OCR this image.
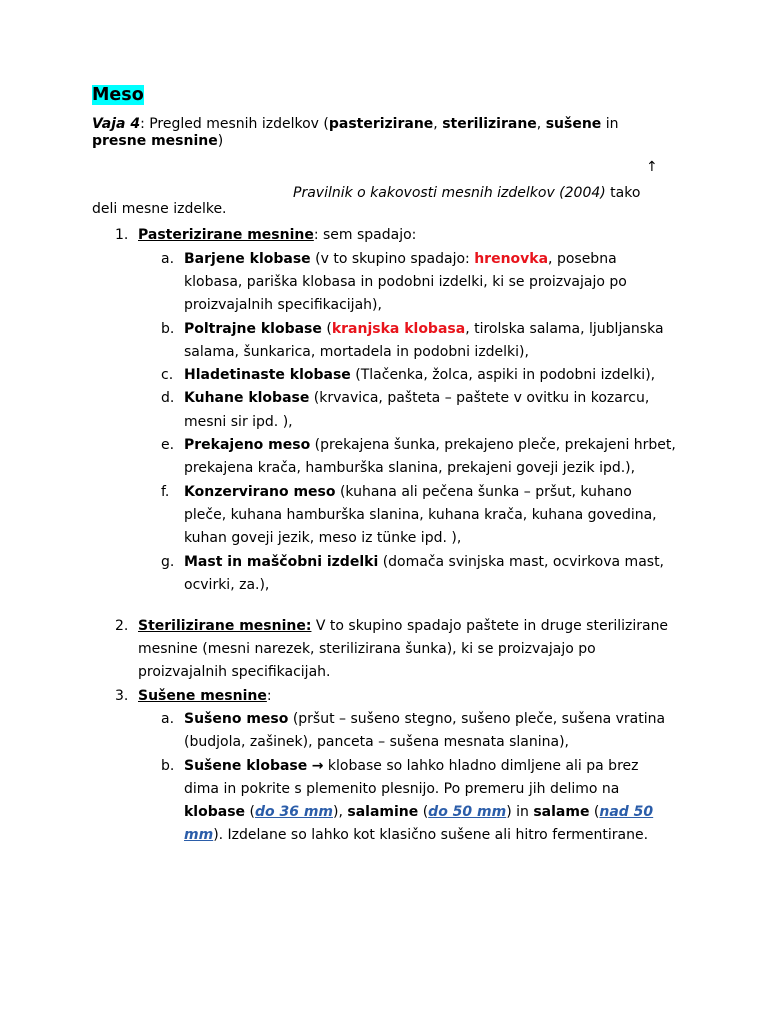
Meso

Vaja 4: Pregled mesnih izdelkov (pasterizirane, sterilizirane, sušene in presne mesnine)

↑

Pravilnik o kakovosti mesnih izdelkov (2004) tako
deli mesne izdelke.

1. Pasterizirane mesnine: sem spadajo:
a. Barjene klobase (v to skupino spadajo: hrenovka, posebna klobasa, pariška klobasa in podobni izdelki, ki se proizvajajo po proizvajalnih specifikacijah),
b. Poltrajne klobase (kranjska klobasa, tirolska salama, ljubljanska salama, šunkarica, mortadela in podobni izdelki),
c. Hladetinaste klobase (Tlačenka, žolca, aspiki in podobni izdelki),
d. Kuhane klobase (krvavica, pašteta – paštete v ovitku in kozarcu, mesni sir ipd. ),
e. Prekajeno meso (prekajena šunka, prekajeno pleče, prekajeni hrbet, prekajena krača, hamburška slanina, prekajeni goveji jezik ipd.),
f.	Konzervirano meso (kuhana ali pečena šunka – pršut, kuhano pleče, kuhana hamburška slanina, kuhana krača, kuhana govedina, kuhan goveji jezik, meso iz tünke ipd. ),
g. Mast in maščobni izdelki (domača svinjska mast, ocvirkova mast, ocvirki, za.),
2. Sterilizirane mesnine: V to skupino spadajo paštete in druge sterilizirane mesnine (mesni narezek, sterilizirana šunka), ki se proizvajajo po proizvajalnih specifikacijah.
3. Sušene mesnine:
a. Sušeno meso (pršut – sušeno stegno, sušeno pleče, sušena vratina (budjola, zašinek), panceta – sušena mesnata slanina),
b. Sušene klobase → klobase so lahko hladno dimljene ali pa brez dima in pokrite s plemenito plesnijo. Po premeru jih delimo na klobase (do 36 mm), salamine (do 50 mm) in salame (nad 50 mm). Izdelane so lahko kot klasično sušene ali hitro fermentirane.
